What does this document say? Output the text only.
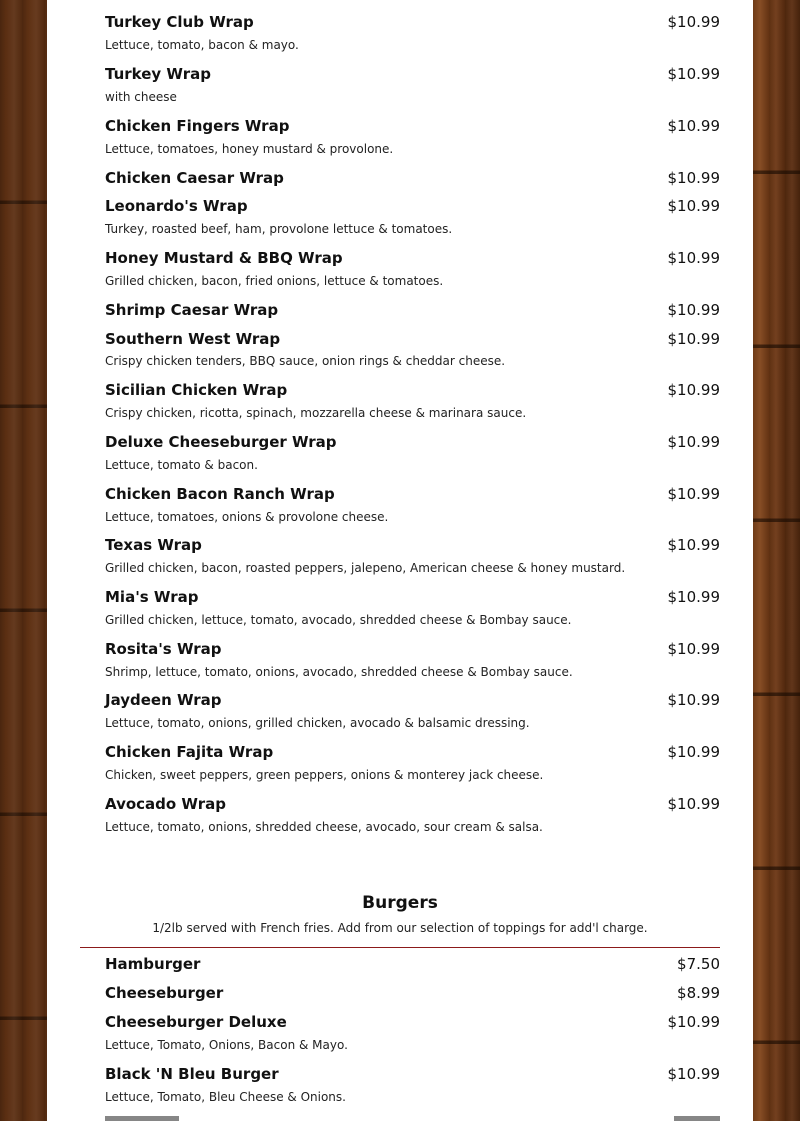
Turkey Club Wrap	$10.99
Lettuce, tomato, bacon & mayo.
Turkey Wrap	$10.99
with cheese
Chicken Fingers Wrap	$10.99
Lettuce, tomatoes, honey mustard & provolone.
Chicken Caesar Wrap	$10.99
Leonardo's Wrap	$10.99
Turkey, roasted beef, ham, provolone lettuce & tomatoes.
Honey Mustard & BBQ Wrap	$10.99
Grilled chicken, bacon, fried onions, lettuce & tomatoes.
Shrimp Caesar Wrap	$10.99
Southern West Wrap	$10.99
Crispy chicken tenders, BBQ sauce, onion rings & cheddar cheese.
Sicilian Chicken Wrap	$10.99
Crispy chicken, ricotta, spinach, mozzarella cheese & marinara sauce.
Deluxe Cheeseburger Wrap	$10.99
Lettuce, tomato & bacon.
Chicken Bacon Ranch Wrap	$10.99
Lettuce, tomatoes, onions & provolone cheese.
Texas Wrap	$10.99
Grilled chicken, bacon, roasted peppers, jalepeno, American cheese & honey mustard.
Mia's Wrap	$10.99
Grilled chicken, lettuce, tomato, avocado, shredded cheese & Bombay sauce.
Rosita's Wrap	$10.99
Shrimp, lettuce, tomato, onions, avocado, shredded cheese & Bombay sauce.
Jaydeen Wrap	$10.99
Lettuce, tomato, onions, grilled chicken, avocado & balsamic dressing.
Chicken Fajita Wrap	$10.99
Chicken, sweet peppers, green peppers, onions & monterey jack cheese.
Avocado Wrap	$10.99
Lettuce, tomato, onions, shredded cheese, avocado, sour cream & salsa.
Burgers
1/2lb served with French fries. Add from our selection of toppings for add'l charge.
Hamburger	$7.50
Cheeseburger	$8.99
Cheeseburger Deluxe	$10.99
Lettuce, Tomato, Onions, Bacon & Mayo.
Black 'N Bleu Burger	$10.99
Lettuce, Tomato, Bleu Cheese & Onions.
